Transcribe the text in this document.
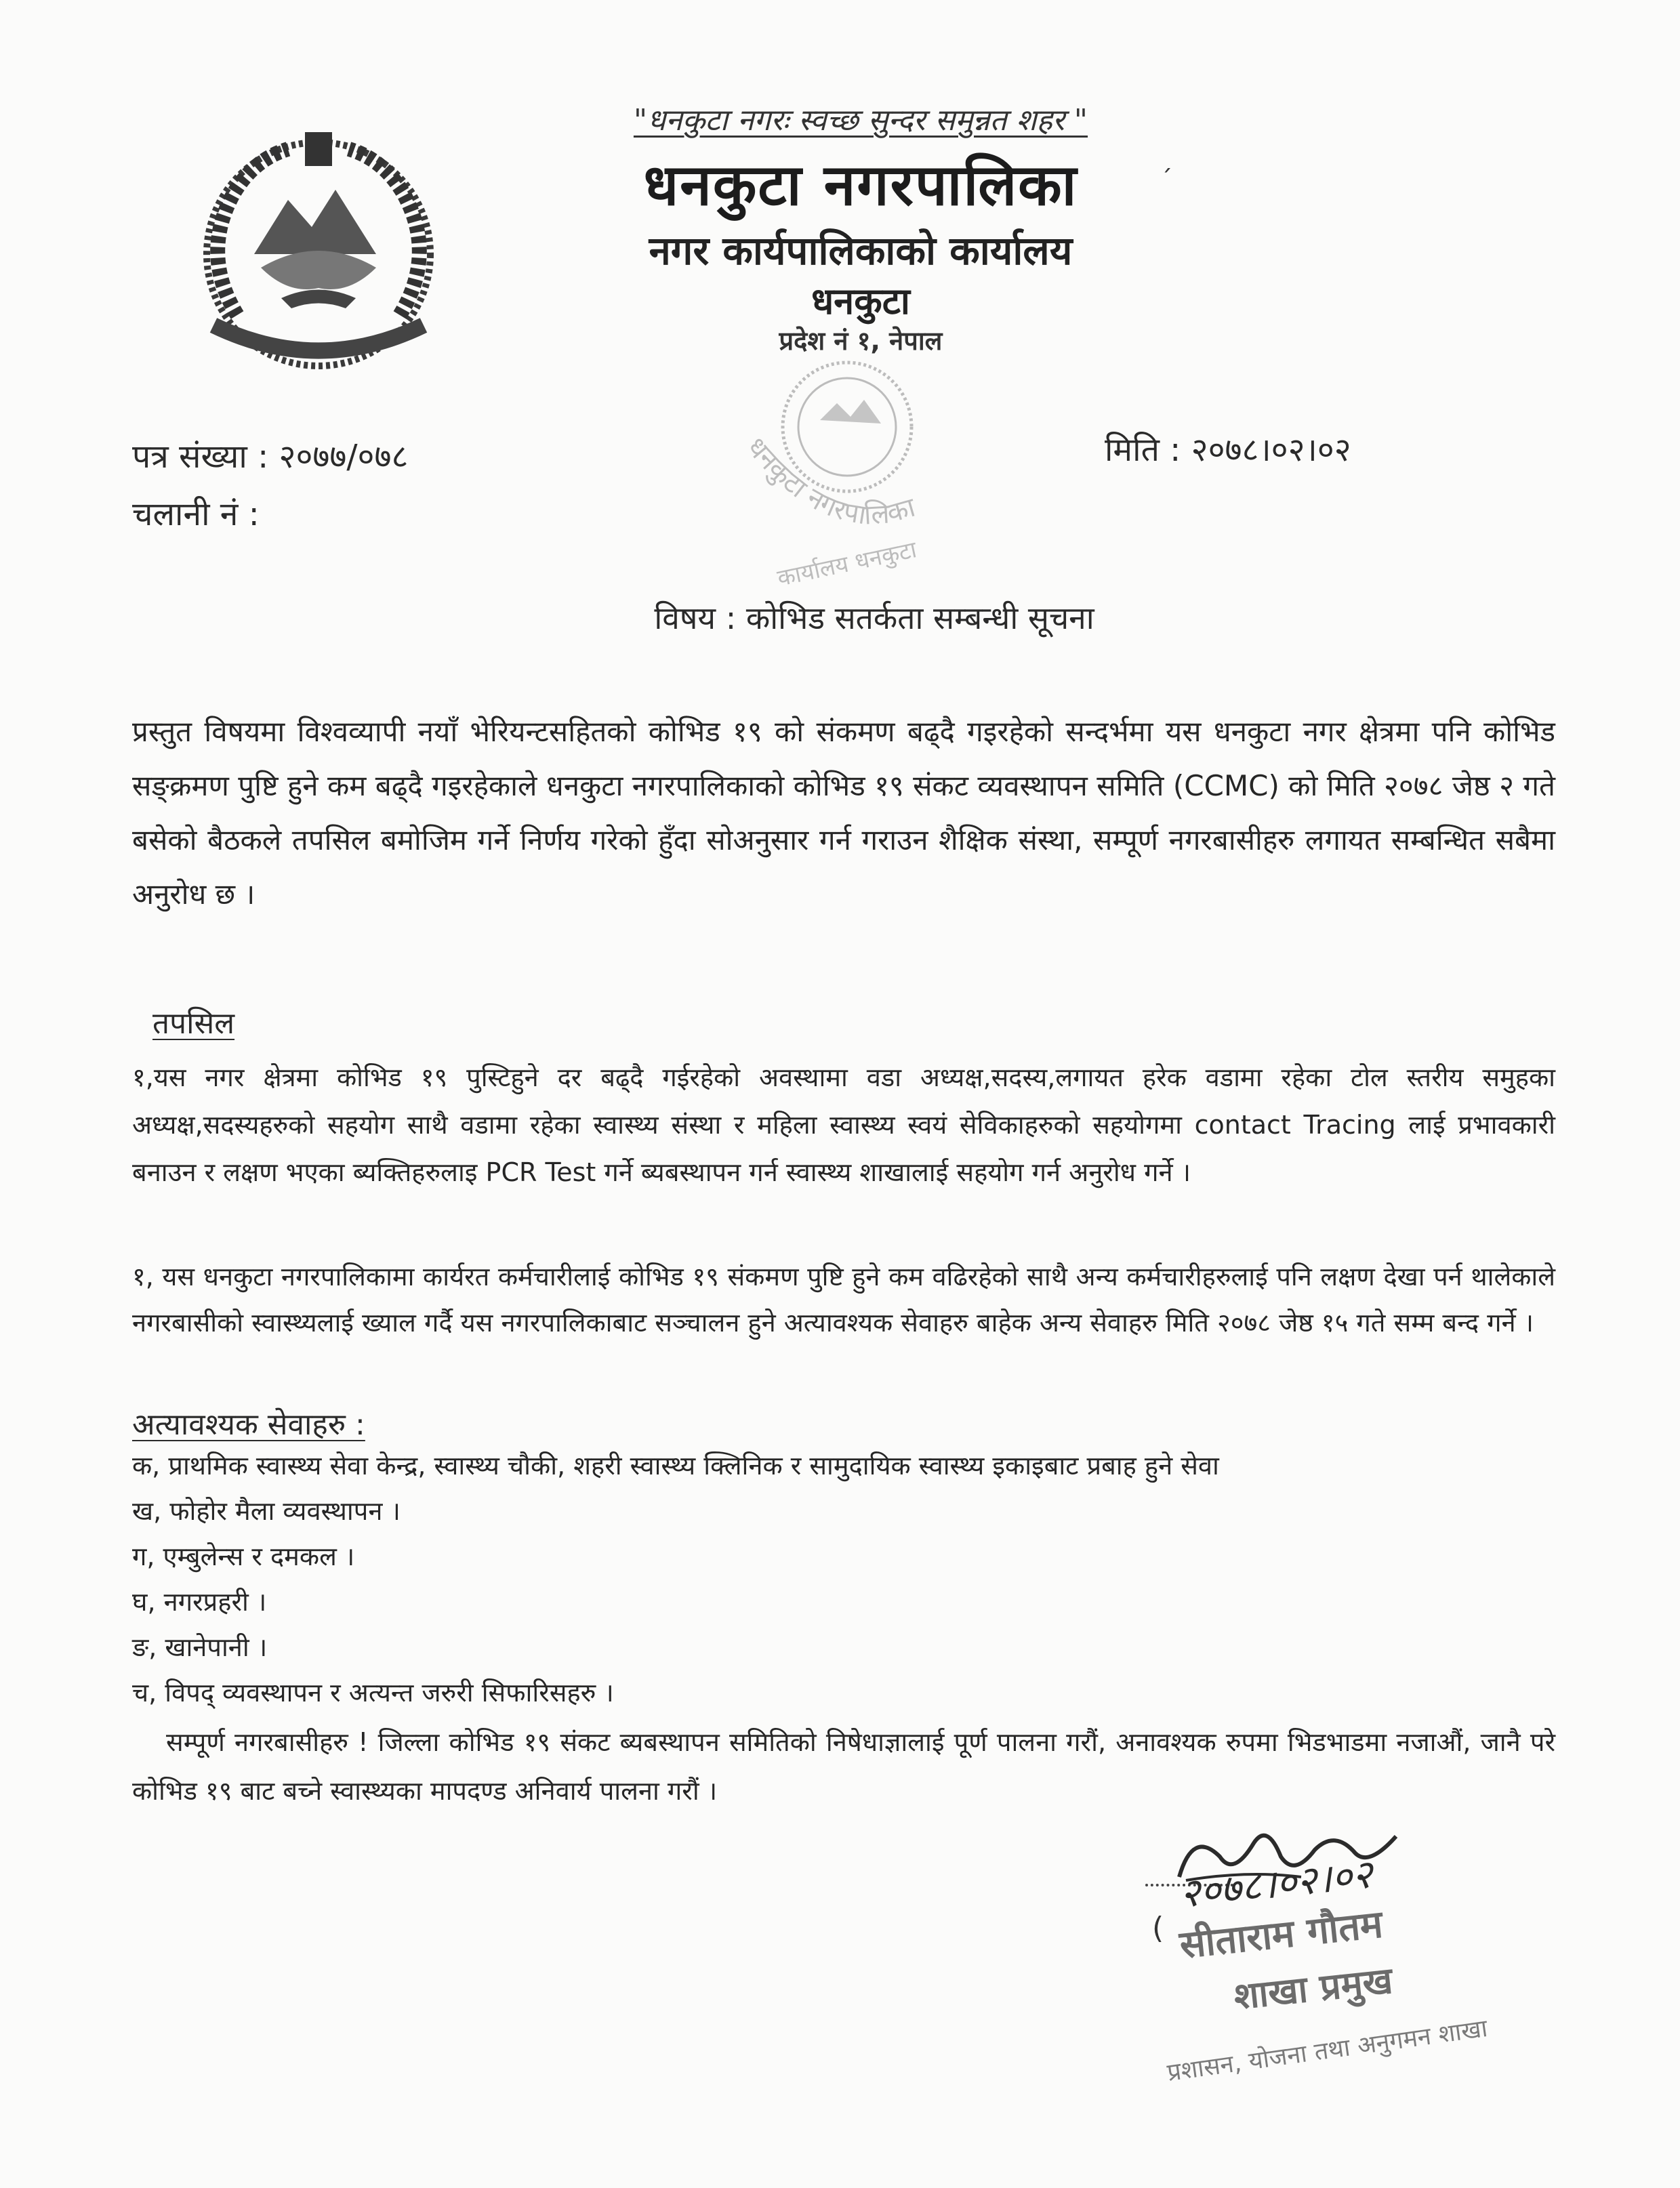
"धनकुटा नगरः स्वच्छ सुन्दर समुन्नत शहर "
धनकुटा नगरपालिका	ˏ
नगर कार्यपालिकाको कार्यालय
धनकुटा
प्रदेश नं १, नेपाल
धनकुटा नगरपालिका
कार्यालय धनकुटा
पत्र संख्या : २०७७/०७८
चलानी नं :
मिति : २०७८।०२।०२
विषय : कोभिड सतर्कता सम्बन्धी सूचना
प्रस्तुत विषयमा विश्वव्यापी नयाँ भेरियन्टसहितको कोभिड १९ को संकमण बढ्दै गइरहेको सन्दर्भमा यस धनकुटा नगर क्षेत्रमा पनि कोभिड सङ्क्रमण पुष्टि हुने कम बढ्दै गइरहेकाले धनकुटा नगरपालिकाको कोभिड १९ संकट व्यवस्थापन समिति (CCMC) को मिति २०७८ जेष्ठ २ गते बसेको बैठकले तपसिल बमोजिम गर्ने निर्णय गरेको हुँदा सोअनुसार गर्न गराउन शैक्षिक संस्था, सम्पूर्ण नगरबासीहरु लगायत सम्बन्धित सबैमा अनुरोध छ ।
तपसिल
१,यस नगर क्षेत्रमा कोभिड १९ पुस्टिहुने दर बढ्दै गईरहेको अवस्थामा वडा अध्यक्ष,सदस्य,लगायत हरेक वडामा रहेका टोल स्तरीय समुहका अध्यक्ष,सदस्यहरुको सहयोग साथै वडामा रहेका स्वास्थ्य संस्था र महिला स्वास्थ्य स्वयं सेविकाहरुको सहयोगमा contact Tracing लाई प्रभावकारी बनाउन र लक्षण भएका ब्यक्तिहरुलाइ PCR Test गर्ने ब्यबस्थापन गर्न स्वास्थ्य शाखालाई सहयोग गर्न अनुरोध गर्ने ।
१, यस धनकुटा नगरपालिकामा कार्यरत कर्मचारीलाई कोभिड १९ संकमण पुष्टि हुने कम वढिरहेको साथै अन्य कर्मचारीहरुलाई पनि लक्षण देखा पर्न थालेकाले नगरबासीको स्वास्थ्यलाई ख्याल गर्दै यस नगरपालिकाबाट सञ्चालन हुने अत्यावश्यक सेवाहरु बाहेक अन्य सेवाहरु मिति २०७८ जेष्ठ १५ गते सम्म बन्द गर्ने ।
अत्यावश्यक सेवाहरु :
क, प्राथमिक स्वास्थ्य सेवा केन्द्र, स्वास्थ्य चौकी, शहरी स्वास्थ्य क्लिनिक र सामुदायिक स्वास्थ्य इकाइबाट प्रबाह हुने सेवा
ख, फोहोर मैला व्यवस्थापन ।
ग, एम्बुलेन्स र दमकल ।
घ, नगरप्रहरी ।
ङ, खानेपानी ।
च, विपद् व्यवस्थापन र अत्यन्त जरुरी सिफारिसहरु ।
सम्पूर्ण नगरबासीहरु ! जिल्ला कोभिड १९ संकट ब्यबस्थापन समितिको निषेधाज्ञालाई पूर्ण पालना गरौं, अनावश्यक रुपमा भिडभाडमा नजाऔं, जानै परे कोभिड १९ बाट बच्ने स्वास्थ्यका मापदण्ड अनिवार्य पालना गरौं ।
२०७८।०२।०२
( सीताराम गौतम
शाखा प्रमुख
प्रशासन, योजना तथा अनुगमन शाखा
